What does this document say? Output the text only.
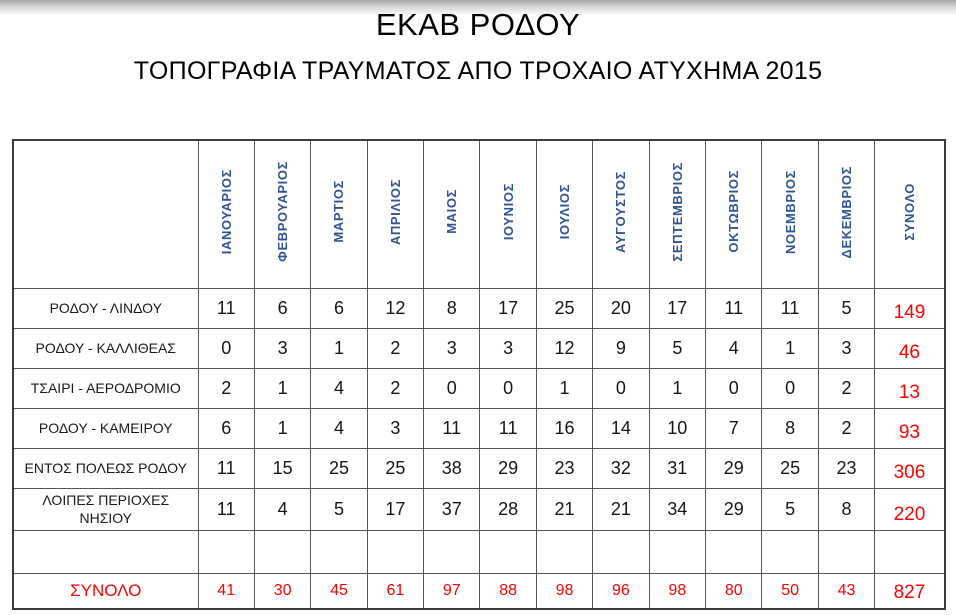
ΕΚΑΒ ΡΟΔΟΥ
ΤΟΠΟΓΡΑΦΙΑ ΤΡΑΥΜΑΤΟΣ ΑΠΟ ΤΡΟΧΑΙΟ ΑΤΥΧΗΜΑ 2015
	ΙΑΝΟΥΑΡΙΟΣ	ΦΕΒΡΟΥΑΡΙΟΣ	ΜΑΡΤΙΟΣ	ΑΠΡΙΛΙΟΣ	ΜΑΙΟΣ	ΙΟΥΝΙΟΣ	ΙΟΥΛΙΟΣ	ΑΥΓΟΥΣΤΟΣ	ΣΕΠΤΕΜΒΡΙΟΣ	ΟΚΤΩΒΡΙΟΣ	ΝΟΕΜΒΡΙΟΣ	ΔΕΚΕΜΒΡΙΟΣ	ΣΥΝΟΛΟ
ΡΟΔΟΥ - ΛΙΝΔΟΥ	11	6	6	12	8	17	25	20	17	11	11	5	149
ΡΟΔΟΥ - ΚΑΛΛΙΘΕΑΣ	0	3	1	2	3	3	12	9	5	4	1	3	46
ΤΣΑΙΡΙ - ΑΕΡΟΔΡΟΜΙΟ	2	1	4	2	0	0	1	0	1	0	0	2	13
ΡΟΔΟΥ - ΚΑΜΕΙΡΟΥ	6	1	4	3	11	11	16	14	10	7	8	2	93
ΕΝΤΟΣ ΠΟΛΕΩΣ ΡΟΔΟΥ	11	15	25	25	38	29	23	32	31	29	25	23	306
ΛΟΙΠΕΣ ΠΕΡΙΟΧΕΣ ΝΗΣΙΟΥ	11	4	5	17	37	28	21	21	34	29	5	8	220

ΣΥΝΟΛΟ	41	30	45	61	97	88	98	96	98	80	50	43	827
